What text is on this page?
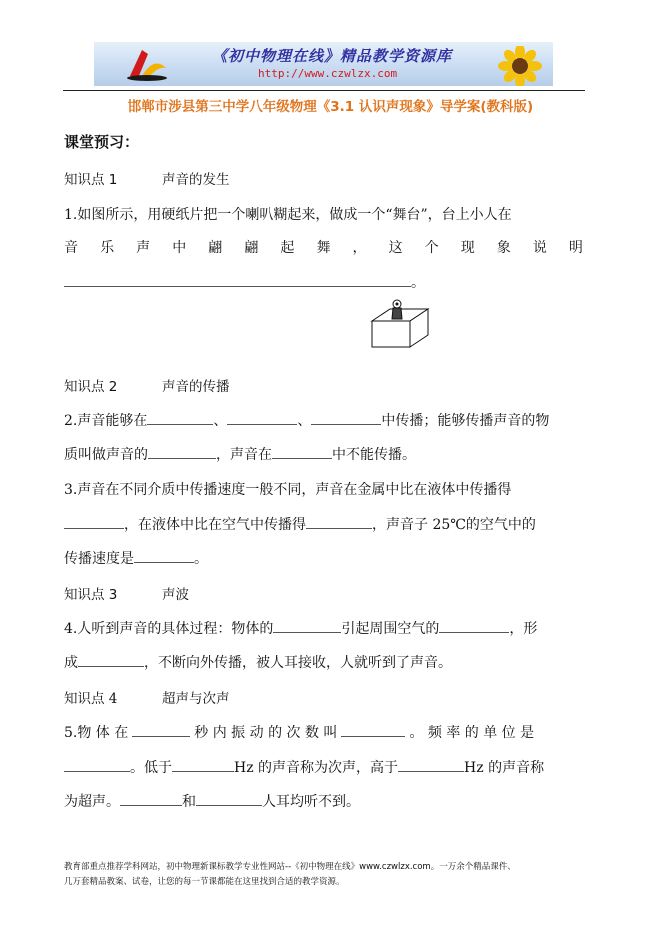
《初中物理在线》精品教学资源库
http://www.czwlzx.com
邯郸市涉县第三中学八年级物理《3.1 认识声现象》导学案(教科版)
课堂预习：
知识点 1	声音的发生
1.如图所示，用硬纸片把一个喇叭糊起来，做成一个“舞台”，台上小人在
音 乐 声 中 翩 翩 起 舞 ， 这 个 现 象 说 明
。
知识点 2	声音的传播
2.声音能够在	、	、	中传播；能够传播声音的物
质叫做声音的	，声音在	中不能传播。
3.声音在不同介质中传播速度一般不同，声音在金属中比在液体中传播得
，在液体中比在空气中传播得	，声音子 25℃的空气中的
传播速度是	。
知识点 3	声波
4.人听到声音的具体过程：物体的	引起周围空气的	，形
成	，不断向外传播，被人耳接收，人就听到了声音。
知识点 4	超声与次声
5.物 体 在	秒 内 振 动 的 次 数 叫	。 频 率 的 单 位 是
。低于	Hz 的声音称为次声，高于	Hz 的声音称
为超声。	和	人耳均听不到。
教育部重点推荐学科网站，初中物理新课标教学专业性网站--《初中物理在线》www.czwlzx.com。一万余个精品课件、
几万套精品教案、试卷，让您的每一节课都能在这里找到合适的教学资源。
